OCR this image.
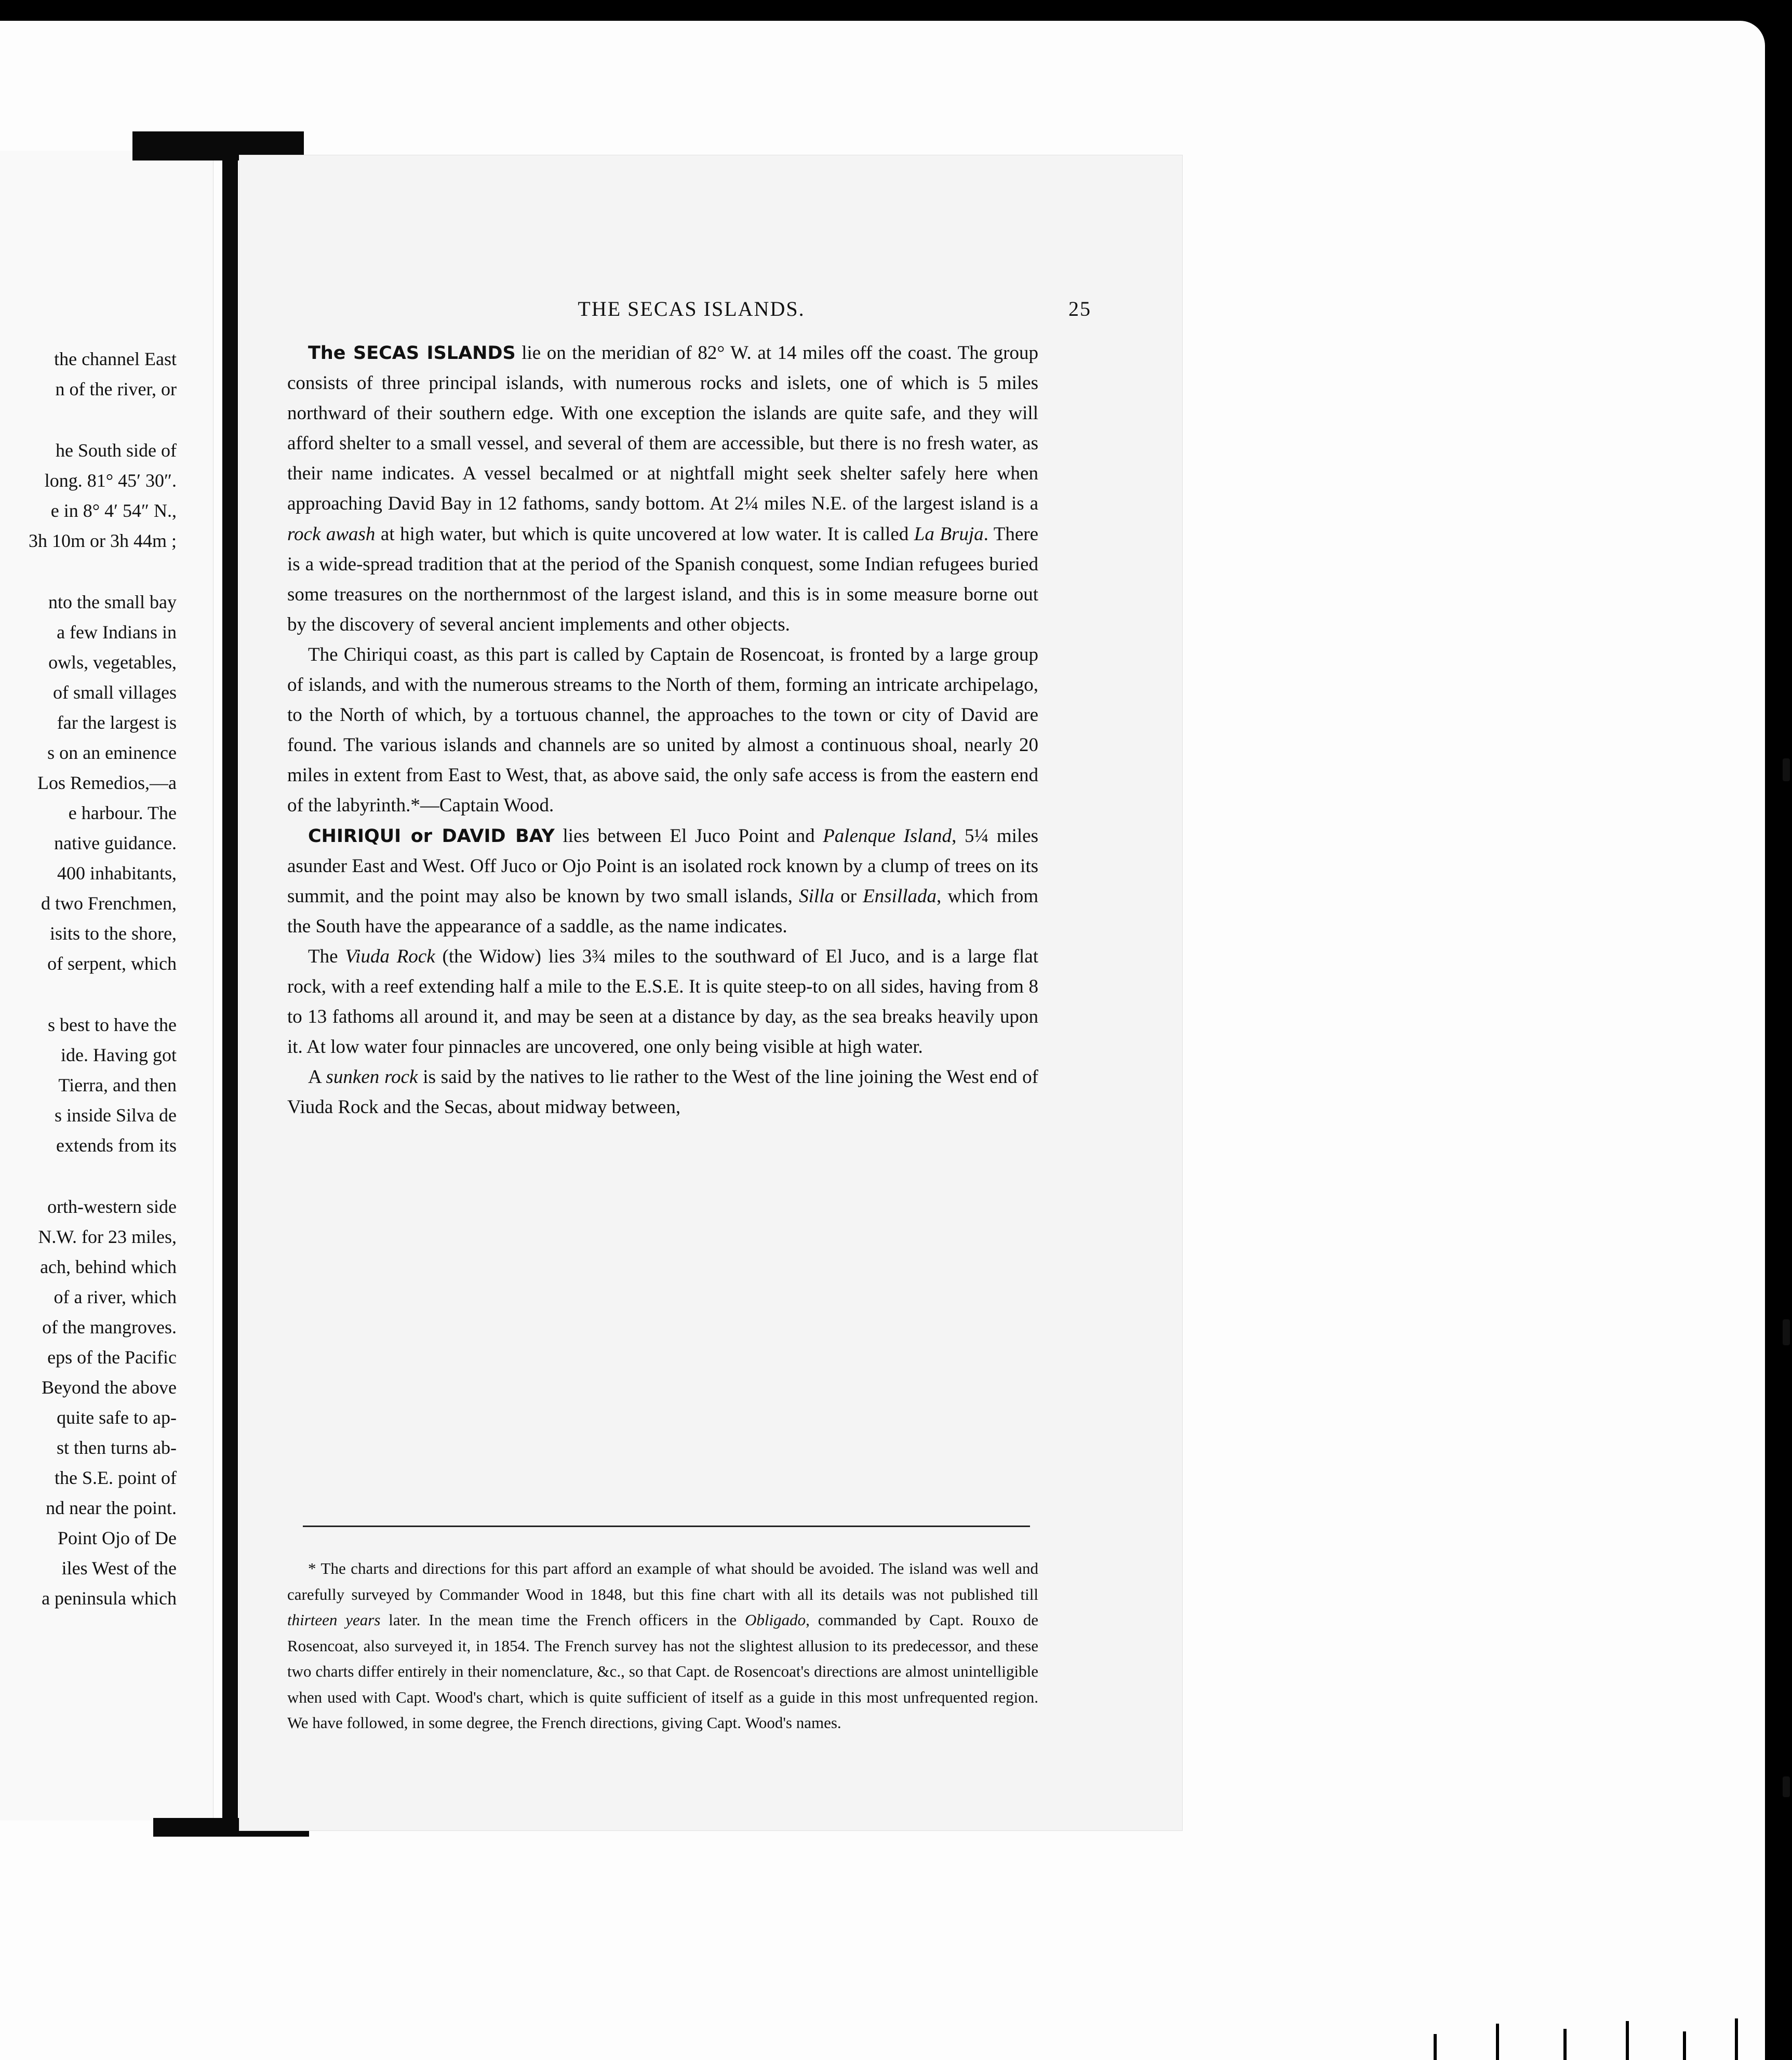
the channel East
n of the river, or
he South side of
long. 81° 45′ 30″.
e in 8° 4′ 54″ N.,
3h 10m or 3h 44m ;
nto the small bay
a few Indians in
owls, vegetables,
of small villages
far the largest is
s on an eminence
Los Remedios,—a
e harbour. The
native guidance.
400 inhabitants,
d two Frenchmen,
isits to the shore,
of serpent, which
s best to have the
ide. Having got
Tierra, and then
s inside Silva de
extends from its
orth-western side
N.W. for 23 miles,
ach, behind which
of a river, which
of the mangroves.
eps of the Pacific
Beyond the above
quite safe to ap-
st then turns ab-
the S.E. point of
nd near the point.
Point Ojo of De
iles West of the
a peninsula which
THE SECAS ISLANDS.	25

The SECAS ISLANDS lie on the meridian of 82° W. at 14 miles off the coast. The group consists of three principal islands, with numerous rocks and islets, one of which is 5 miles northward of their southern edge. With one exception the islands are quite safe, and they will afford shelter to a small vessel, and several of them are accessible, but there is no fresh water, as their name indicates. A vessel becalmed or at nightfall might seek shelter safely here when approaching David Bay in 12 fathoms, sandy bottom. At 2¼ miles N.E. of the largest island is a rock awash at high water, but which is quite uncovered at low water. It is called La Bruja. There is a wide-spread tradition that at the period of the Spanish conquest, some Indian refugees buried some treasures on the northernmost of the largest island, and this is in some measure borne out by the discovery of several ancient implements and other objects.

The Chiriqui coast, as this part is called by Captain de Rosencoat, is fronted by a large group of islands, and with the numerous streams to the North of them, forming an intricate archipelago, to the North of which, by a tortuous channel, the approaches to the town or city of David are found. The various islands and channels are so united by almost a continuous shoal, nearly 20 miles in extent from East to West, that, as above said, the only safe access is from the eastern end of the labyrinth.*—Captain Wood.

CHIRIQUI or DAVID BAY lies between El Juco Point and Palenque Island, 5¼ miles asunder East and West. Off Juco or Ojo Point is an isolated rock known by a clump of trees on its summit, and the point may also be known by two small islands, Silla or Ensillada, which from the South have the appearance of a saddle, as the name indicates.

The Viuda Rock (the Widow) lies 3¾ miles to the southward of El Juco, and is a large flat rock, with a reef extending half a mile to the E.S.E. It is quite steep-to on all sides, having from 8 to 13 fathoms all around it, and may be seen at a distance by day, as the sea breaks heavily upon it. At low water four pinnacles are uncovered, one only being visible at high water.

A sunken rock is said by the natives to lie rather to the West of the line joining the West end of Viuda Rock and the Secas, about midway between,

* The charts and directions for this part afford an example of what should be avoided. The island was well and carefully surveyed by Commander Wood in 1848, but this fine chart with all its details was not published till thirteen years later. In the mean time the French officers in the Obligado, commanded by Capt. Rouxo de Rosencoat, also surveyed it, in 1854. The French survey has not the slightest allusion to its predecessor, and these two charts differ entirely in their nomenclature, &c., so that Capt. de Rosencoat's directions are almost unintelligible when used with Capt. Wood's chart, which is quite sufficient of itself as a guide in this most unfrequented region. We have followed, in some degree, the French directions, giving Capt. Wood's names.
